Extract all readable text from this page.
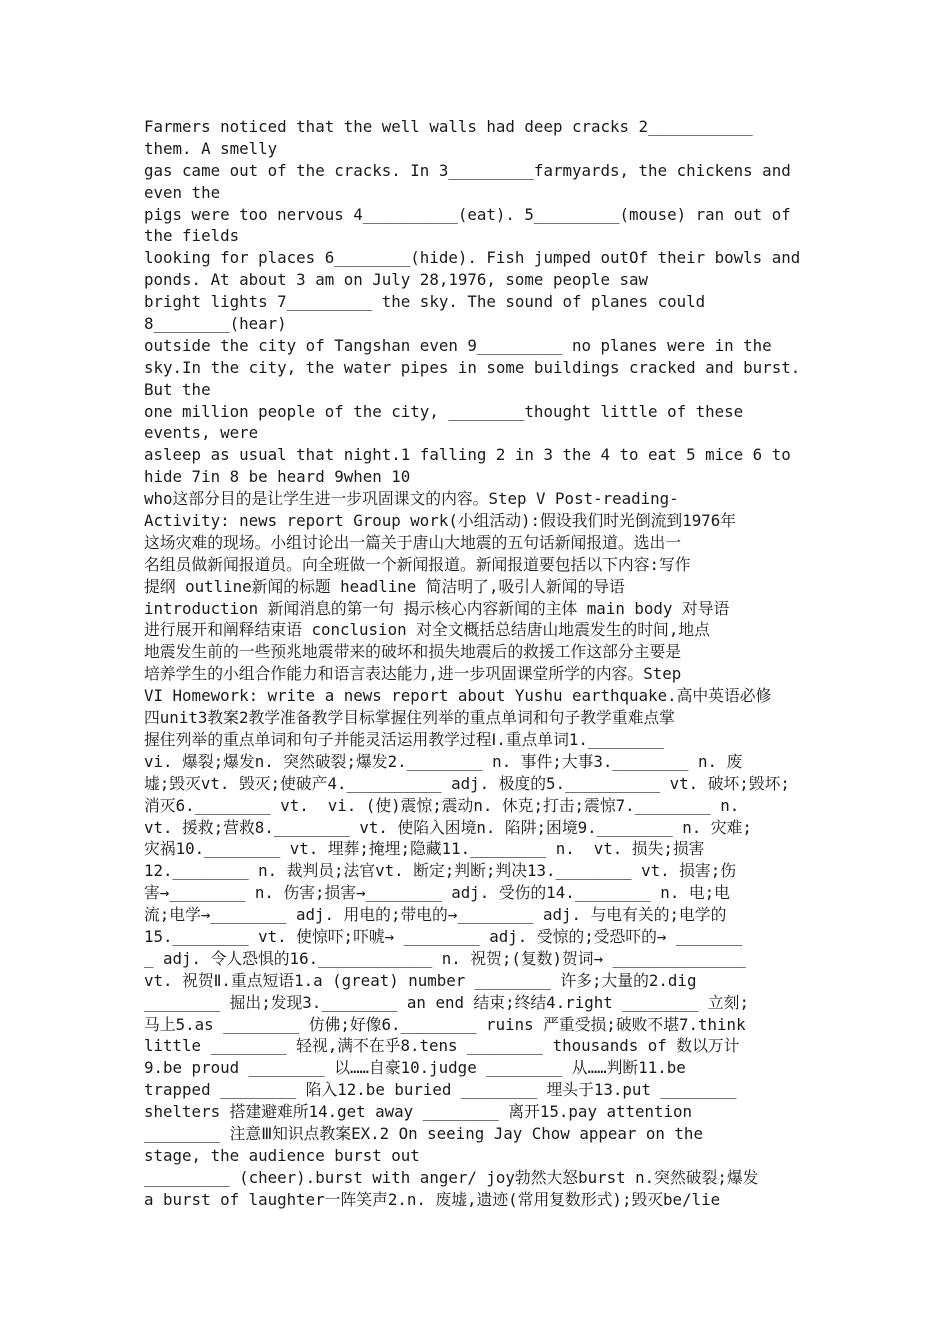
Farmers noticed that the well walls had deep cracks 2___________
them. A smelly
gas came out of the cracks. In 3_________farmyards, the chickens and
even the
pigs were too nervous 4__________(eat). 5_________(mouse) ran out of
the fields
looking for places 6________(hide). Fish jumped outOf their bowls and
ponds. At about 3 am on July 28,1976, some people saw
bright lights 7_________ the sky. The sound of planes could
8________(hear)
outside the city of Tangshan even 9_________ no planes were in the
sky.In the city, the water pipes in some buildings cracked and burst.
But the
one million people of the city, ________thought little of these
events, were
asleep as usual that night.1 falling 2 in 3 the 4 to eat 5 mice 6 to
hide 7in 8 be heard 9when 10
who这部分目的是让学生进一步巩固课文的内容。Step V Post-reading-
Activity: news report Group work(小组活动):假设我们时光倒流到1976年
这场灾难的现场。小组讨论出一篇关于唐山大地震的五句话新闻报道。选出一
名组员做新闻报道员。向全班做一个新闻报道。新闻报道要包括以下内容:写作
提纲 outline新闻的标题 headline 简洁明了,吸引人新闻的导语
introduction 新闻消息的第一句 揭示核心内容新闻的主体 main body 对导语
进行展开和阐释结束语 conclusion 对全文概括总结唐山地震发生的时间,地点
地震发生前的一些预兆地震带来的破坏和损失地震后的救援工作这部分主要是
培养学生的小组合作能力和语言表达能力,进一步巩固课堂所学的内容。Step
VI Homework: write a news report about Yushu earthquake.高中英语必修
四unit3教案2教学准备教学目标掌握住列举的重点单词和句子教学重难点掌
握住列举的重点单词和句子并能灵活运用教学过程Ⅰ.重点单词1.________
vi. 爆裂;爆发n. 突然破裂;爆发2.________ n. 事件;大事3.________ n. 废
墟;毁灭vt. 毁灭;使破产4.__________ adj. 极度的5.__________ vt. 破坏;毁坏;
消灭6.________ vt.  vi. (使)震惊;震动n. 休克;打击;震惊7.________ n.
vt. 援救;营救8.________ vt. 使陷入困境n. 陷阱;困境9.________ n. 灾难;
灾祸10.________ vt. 埋葬;掩埋;隐藏11.________ n.  vt. 损失;损害
12.________ n. 裁判员;法官vt. 断定;判断;判决13.________ vt. 损害;伤
害→________ n. 伤害;损害→________ adj. 受伤的14.________ n. 电;电
流;电学→________ adj. 用电的;带电的→________ adj. 与电有关的;电学的
15.________ vt. 使惊吓;吓唬→ ________ adj. 受惊的;受恐吓的→ _______
_ adj. 令人恐惧的16.____________ n. 祝贺;(复数)贺词→ ______________
vt. 祝贺Ⅱ.重点短语1.a (great) number ________ 许多;大量的2.dig
________ 掘出;发现3.________ an end 结束;终结4.right ________ 立刻;
马上5.as ________ 仿佛;好像6.________ ruins 严重受损;破败不堪7.think
little ________ 轻视,满不在乎8.tens ________ thousands of 数以万计
9.be proud ________ 以……自豪10.judge ________ 从……判断11.be
trapped ________ 陷入12.be buried ________ 埋头于13.put ________
shelters 搭建避难所14.get away ________ 离开15.pay attention
________ 注意Ⅲ知识点教案EX.2 On seeing Jay Chow appear on the
stage, the audience burst out
_________ (cheer).burst with anger/ joy勃然大怒burst n.突然破裂;爆发
a burst of laughter一阵笑声2.n. 废墟,遗迹(常用复数形式);毁灭be/lie
